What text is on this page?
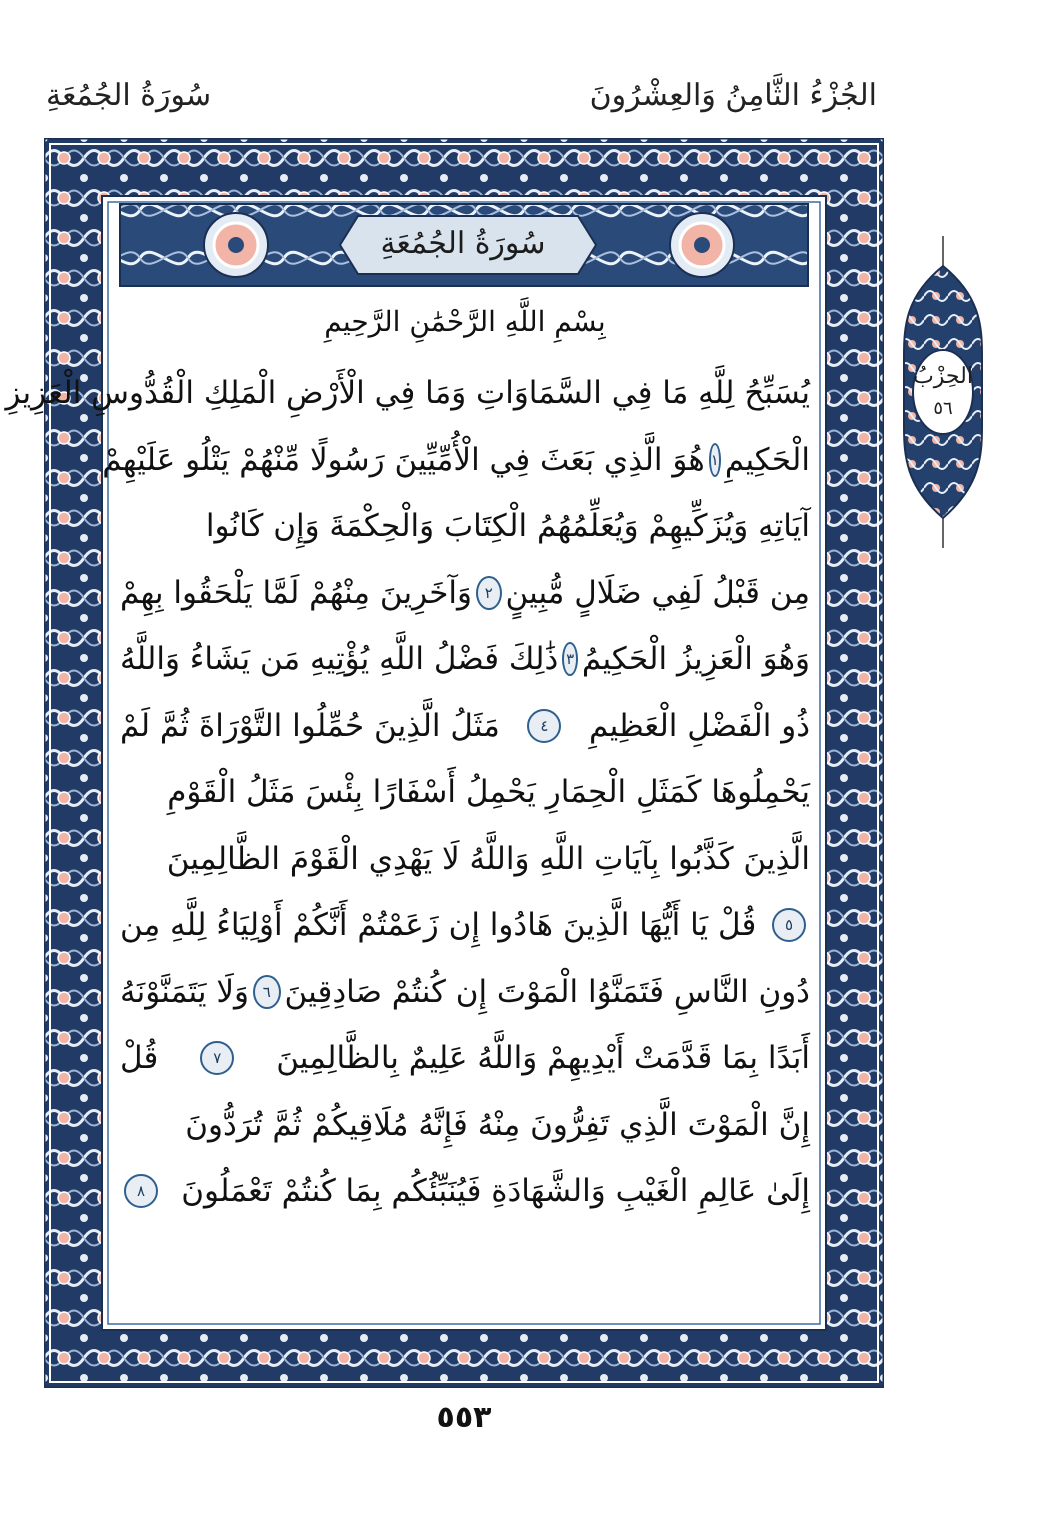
سُورَةُ الجُمُعَةِ	الجُزْءُ الثَّامِنُ وَالعِشْرُونَ
سُورَةُ الجُمُعَةِ
بِسْمِ اللَّهِ الرَّحْمَٰنِ الرَّحِيمِ
يُسَبِّحُ لِلَّهِ مَا فِي السَّمَاوَاتِ وَمَا فِي الْأَرْضِ الْمَلِكِ الْقُدُّوسِ الْعَزِيزِ
الْحَكِيمِ
١
هُوَ الَّذِي بَعَثَ فِي الْأُمِّيِّينَ رَسُولًا مِّنْهُمْ يَتْلُو عَلَيْهِمْ
آيَاتِهِ وَيُزَكِّيهِمْ وَيُعَلِّمُهُمُ الْكِتَابَ وَالْحِكْمَةَ وَإِن كَانُوا
مِن قَبْلُ لَفِي ضَلَالٍ مُّبِينٍ
٢
وَآخَرِينَ مِنْهُمْ لَمَّا يَلْحَقُوا بِهِمْ
وَهُوَ الْعَزِيزُ الْحَكِيمُ
٣
ذَٰلِكَ فَضْلُ اللَّهِ يُؤْتِيهِ مَن يَشَاءُ وَاللَّهُ
ذُو الْفَضْلِ الْعَظِيمِ
٤
مَثَلُ الَّذِينَ حُمِّلُوا التَّوْرَاةَ ثُمَّ لَمْ
يَحْمِلُوهَا كَمَثَلِ الْحِمَارِ يَحْمِلُ أَسْفَارًا بِئْسَ مَثَلُ الْقَوْمِ
الَّذِينَ كَذَّبُوا بِآيَاتِ اللَّهِ وَاللَّهُ لَا يَهْدِي الْقَوْمَ الظَّالِمِينَ
٥
قُلْ يَا أَيُّهَا الَّذِينَ هَادُوا إِن زَعَمْتُمْ أَنَّكُمْ أَوْلِيَاءُ لِلَّهِ مِن
دُونِ النَّاسِ فَتَمَنَّوُا الْمَوْتَ إِن كُنتُمْ صَادِقِينَ
٦
وَلَا يَتَمَنَّوْنَهُ
أَبَدًا بِمَا قَدَّمَتْ أَيْدِيهِمْ وَاللَّهُ عَلِيمٌ بِالظَّالِمِينَ
٧
قُلْ
إِنَّ الْمَوْتَ الَّذِي تَفِرُّونَ مِنْهُ فَإِنَّهُ مُلَاقِيكُمْ ثُمَّ تُرَدُّونَ
إِلَىٰ عَالِمِ الْغَيْبِ وَالشَّهَادَةِ فَيُنَبِّئُكُم بِمَا كُنتُمْ تَعْمَلُونَ
٨
الحِزْبُ
٥٦
٥٥٣
